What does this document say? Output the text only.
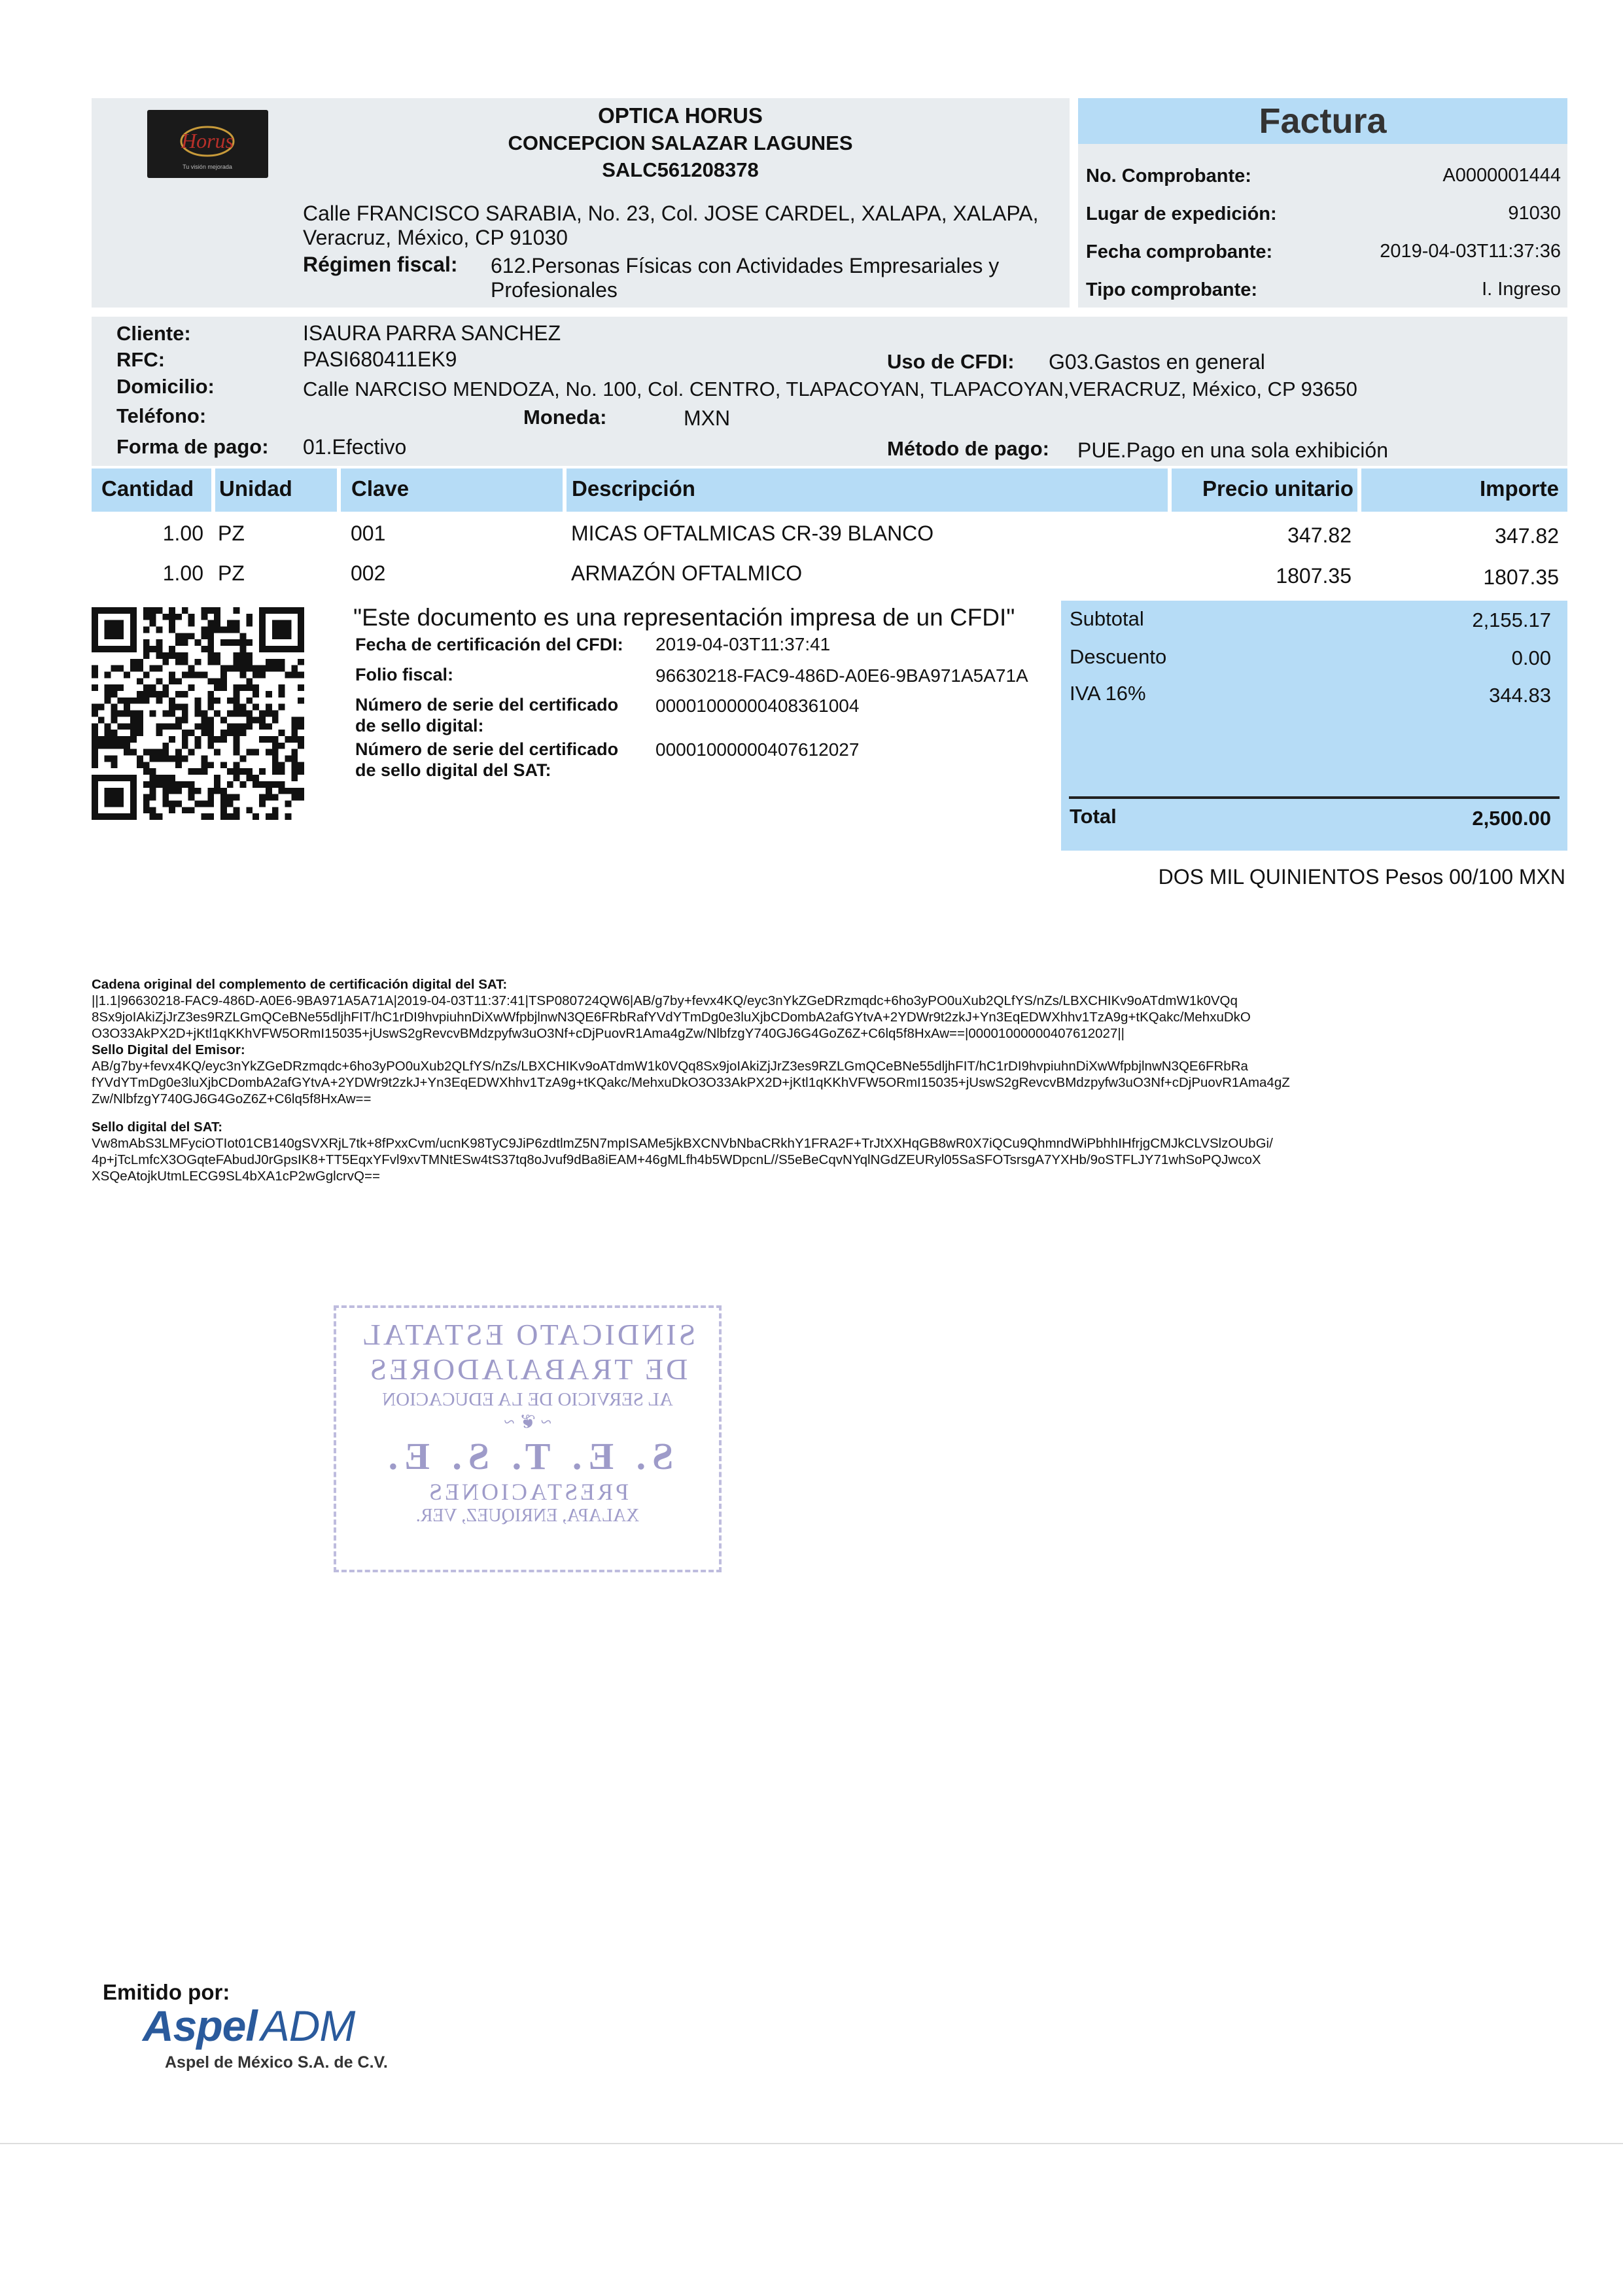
Horus
Tu visión mejorada
OPTICA HORUS
CONCEPCION SALAZAR LAGUNES
SALC561208378
Calle FRANCISCO SARABIA, No. 23, Col. JOSE CARDEL, XALAPA, XALAPA,
Veracruz, México, CP 91030
Régimen fiscal: 612.Personas Físicas con Actividades Empresariales y
Profesionales
Factura
No. Comprobante:	A0000001444
Lugar de expedición:	91030
Fecha comprobante:	2019-04-03T11:37:36
Tipo comprobante:	I. Ingreso
Cliente:	ISAURA PARRA SANCHEZ
RFC:	PASI680411EK9	Uso de CFDI: G03.Gastos en general
Domicilio:	Calle NARCISO MENDOZA, No. 100, Col. CENTRO, TLAPACOYAN, TLAPACOYAN,VERACRUZ, México, CP 93650
Teléfono:	Moneda:	MXN
Forma de pago: 01.Efectivo	Método de pago: PUE.Pago en una sola exhibición
Cantidad Unidad	Clave	Descripción	Precio unitario	Importe
1.00 PZ	001	MICAS OFTALMICAS CR-39 BLANCO	347.82	347.82
1.00 PZ	002	ARMAZÓN OFTALMICO	1807.35	1807.35
"Este documento es una representación impresa de un CFDI"
Fecha de certificación del CFDI: 2019-04-03T11:37:41
Folio fiscal:	96630218-FAC9-486D-A0E6-9BA971A5A71A
Número de serie del certificado
de sello digital:
00001000000408361004
Número de serie del certificado
de sello digital del SAT:
00001000000407612027
Subtotal	2,155.17
Descuento	0.00
IVA 16%	344.83
Total	2,500.00
DOS MIL QUINIENTOS Pesos 00/100 MXN
Cadena original del complemento de certificación digital del SAT:
||1.1|96630218-FAC9-486D-A0E6-9BA971A5A71A|2019-04-03T11:37:41|TSP080724QW6|AB/g7by+fevx4KQ/eyc3nYkZGeDRzmqdc+6ho3yPO0uXub2QLfYS/nZs/LBXCHIKv9oATdmW1k0VQq
8Sx9joIAkiZjJrZ3es9RZLGmQCeBNe55dljhFIT/hC1rDI9hvpiuhnDiXwWfpbjlnwN3QE6FRbRafYVdYTmDg0e3luXjbCDombA2afGYtvA+2YDWr9t2zkJ+Yn3EqEDWXhhv1TzA9g+tKQakc/MehxuDkO
O3O33AkPX2D+jKtl1qKKhVFW5ORmI15035+jUswS2gRevcvBMdzpyfw3uO3Nf+cDjPuovR1Ama4gZw/NlbfzgY740GJ6G4GoZ6Z+C6lq5f8HxAw==|00001000000407612027||
Sello Digital del Emisor:
AB/g7by+fevx4KQ/eyc3nYkZGeDRzmqdc+6ho3yPO0uXub2QLfYS/nZs/LBXCHIKv9oATdmW1k0VQq8Sx9joIAkiZjJrZ3es9RZLGmQCeBNe55dljhFIT/hC1rDI9hvpiuhnDiXwWfpbjlnwN3QE6FRbRa
fYVdYTmDg0e3luXjbCDombA2afGYtvA+2YDWr9t2zkJ+Yn3EqEDWXhhv1TzA9g+tKQakc/MehxuDkO3O33AkPX2D+jKtl1qKKhVFW5ORmI15035+jUswS2gRevcvBMdzpyfw3uO3Nf+cDjPuovR1Ama4gZ
Zw/NlbfzgY740GJ6G4GoZ6Z+C6lq5f8HxAw==
Sello digital del SAT:
Vw8mAbS3LMFyciOTIot01CB140gSVXRjL7tk+8fPxxCvm/ucnK98TyC9JiP6zdtlmZ5N7mpISAMe5jkBXCNVbNbaCRkhY1FRA2F+TrJtXXHqGB8wR0X7iQCu9QhmndWiPbhhIHfrjgCMJkCLVSlzOUbGi/
4p+jTcLmfcX3OGqteFAbudJ0rGpsIK8+TT5EqxYFvl9xvTMNtESw4tS37tq8oJvuf9dBa8iEAM+46gMLfh4b5WDpcnL//S5eBeCqvNYqlNGdZEURyl05SaSFOTsrsgA7YXHb/9oSTFLJY71whSoPQJwcoX
XSQeAtojkUtmLECG9SL4bXA1cP2wGglcrvQ==
SINDICATO ESTATAL
DE TRABAJADORES
AL SERVICIO DE LA EDUCACION
~ ❦ ~
S. E. T. S. E.
PRESTACIONES
XALAPA, ENRIQUEZ, VER.
Emitido por:
AspelADM
Aspel de México S.A. de C.V.
